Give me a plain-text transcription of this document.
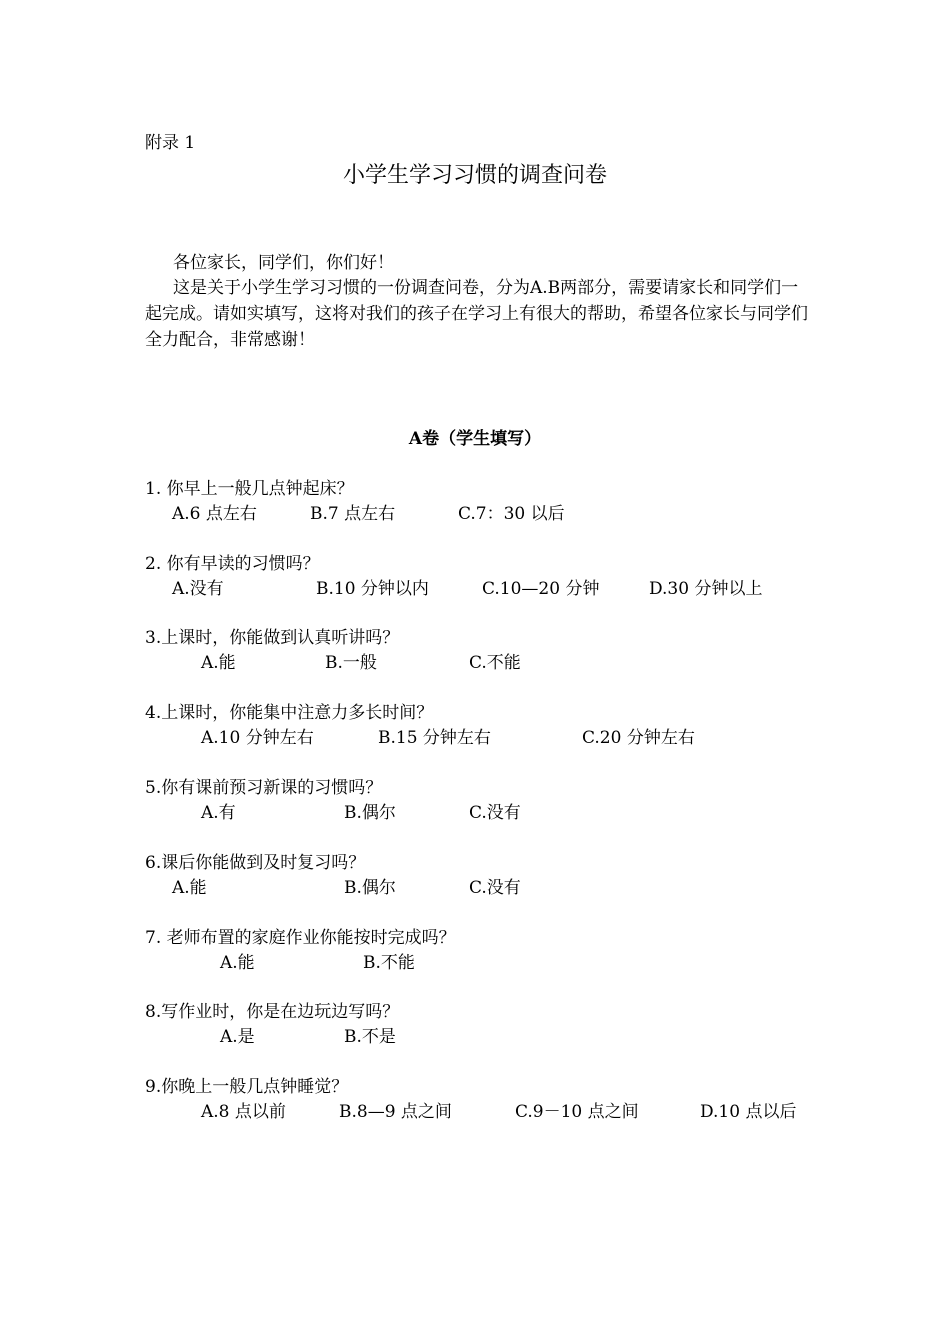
附录 1
小学生学习习惯的调查问卷
各位家长，同学们，你们好！
这是关于小学生学习习惯的一份调查问卷，分为A.B两部分，需要请家长和同学们一起完成。请如实填写，这将对我们的孩子在学习上有很大的帮助，希望各位家长与同学们全力配合，非常感谢！
A卷（学生填写）
1. 你早上一般几点钟起床？
A.6 点左右	B.7 点左右	C.7：30 以后
2. 你有早读的习惯吗？
A.没有	B.10 分钟以内	C.10—20 分钟	D.30 分钟以上
3.上课时，你能做到认真听讲吗？
A.能	B.一般	C.不能
4.上课时，你能集中注意力多长时间？
A.10 分钟左右	B.15 分钟左右	C.20 分钟左右
5.你有课前预习新课的习惯吗？
A.有	B.偶尔	C.没有
6.课后你能做到及时复习吗？
A.能	B.偶尔	C.没有
7. 老师布置的家庭作业你能按时完成吗？
A.能	B.不能
8.写作业时，你是在边玩边写吗？
A.是	B.不是
9.你晚上一般几点钟睡觉？
A.8 点以前	B.8—9 点之间	C.9－10 点之间	D.10 点以后
